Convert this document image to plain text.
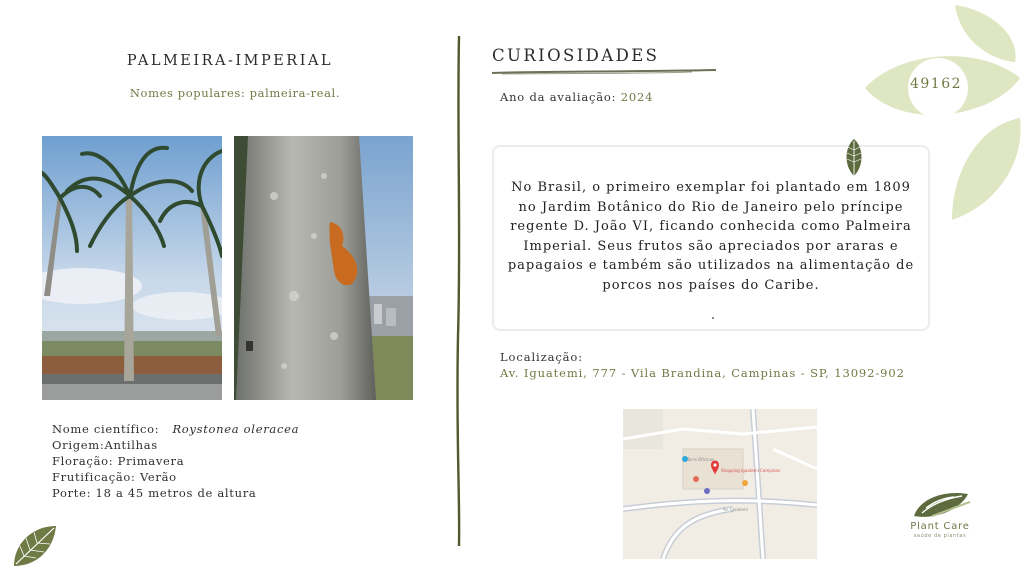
49162
PALMEIRA-IMPERIAL
Nomes populares: palmeira-real.
Nome científico: Roystonea oleracea
Origem:Antilhas
Floração: Primavera
Frutificação: Verão
Porte: 18 a 45 metros de altura
CURIOSIDADES
Ano da avaliação: 2024
No Brasil, o primeiro exemplar foi plantado em 1809 no Jardim Botânico do Rio de Janeiro pelo príncipe regente D. João VI, ficando conhecida como Palmeira Imperial. Seus frutos são apreciados por araras e papagaios e também são utilizados na alimentação de porcos nos países do Caribe.
Localização:
Av. Iguatemi, 777 - Vila Brandina, Campinas - SP, 13092-902
Torre Oficinas
Shopping Iguatemi Campinas
Av. Iguatemi
Plant Care
saúde de plantas
